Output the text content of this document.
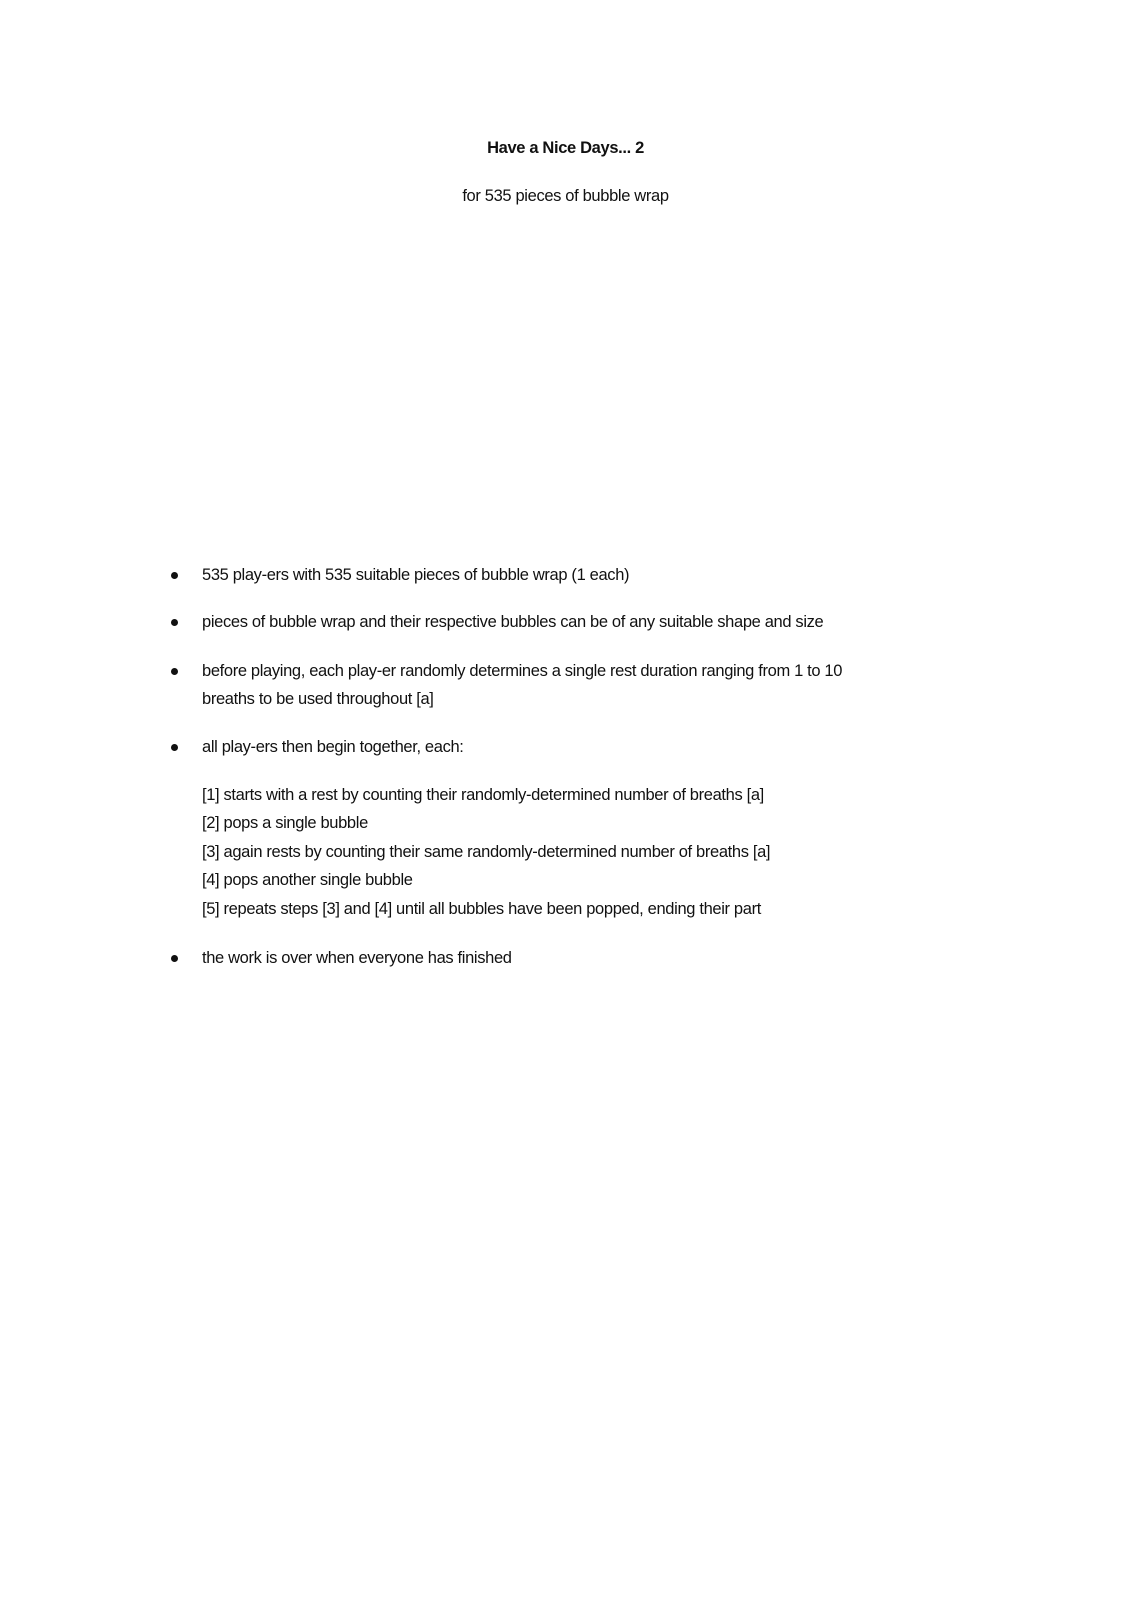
Have a Nice Days... 2
for 535 pieces of bubble wrap
535 play-ers with 535 suitable pieces of bubble wrap (1 each)
pieces of bubble wrap and their respective bubbles can be of any suitable shape and size
before playing, each play-er randomly determines a single rest duration ranging from 1 to 10
breaths to be used throughout [a]
all play-ers then begin together, each:
[1] starts with a rest by counting their randomly-determined number of breaths [a]
[2] pops a single bubble
[3] again rests by counting their same randomly-determined number of breaths [a]
[4] pops another single bubble
[5] repeats steps [3] and [4] until all bubbles have been popped, ending their part
the work is over when everyone has finished
